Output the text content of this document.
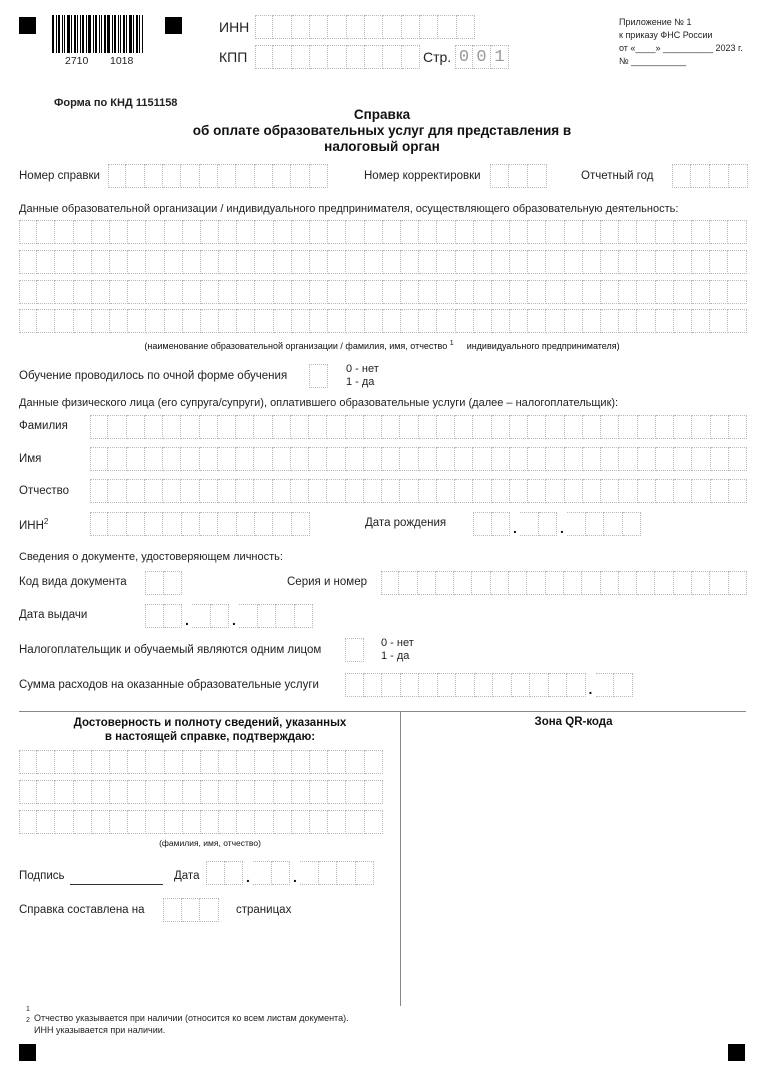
2710 1018
ИНН
КПП	Стр. 0 0 1
Приложение № 1
к приказу ФНС России
от «____» __________ 2023 г.
№ ___________
Форма по КНД 1151158
Справка
об оплате образовательных услуг для представления в
налоговый орган
Номер справки	Номер корректировки	Отчетный год
Данные образовательной организации / индивидуального предпринимателя, осуществляющего образовательную деятельность:
(наименование образовательной организации / фамилия, имя, отчество $^1$ индивидуального предпринимателя)
Обучение проводилось по очной форме обучения
0 - нет
1 - да
Данные физического лица (его супруга/супруги), оплатившего образовательные услуги (далее – налогоплательщик):
Фамилия
Имя
Отчество
ИНН$^2$	Дата рождения	.	.
Сведения о документе, удостоверяющем личность:
Код вида документа	Серия и номер
Дата выдачи	.	.
Налогоплательщик и обучаемый являются одним лицом
0 - нет
1 - да
Сумма расходов на оказанные образовательные услуги	.
Достоверность и полноту сведений, указанных
в настоящей справке, подтверждаю:
(фамилия, имя, отчество)
Подпись	Дата	.	.
Справка составлена на	страницах
Зона QR-кода
1
2 Отчество указывается при наличии (относится ко всем листам документа).
ИНН указывается при наличии.
